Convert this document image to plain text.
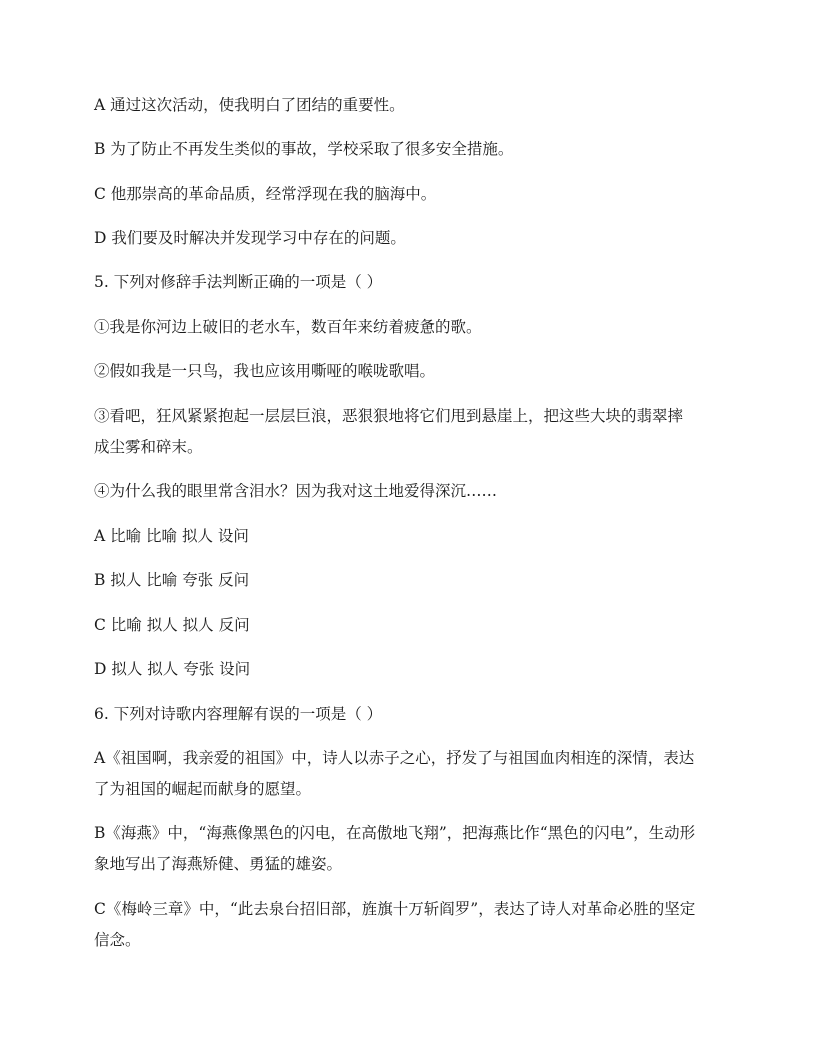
A 通过这次活动，使我明白了团结的重要性。
B 为了防止不再发生类似的事故，学校采取了很多安全措施。
C 他那崇高的革命品质，经常浮现在我的脑海中。
D 我们要及时解决并发现学习中存在的问题。
5. 下列对修辞手法判断正确的一项是（ ）
①我是你河边上破旧的老水车，数百年来纺着疲惫的歌。
②假如我是一只鸟，我也应该用嘶哑的喉咙歌唱。
③看吧，狂风紧紧抱起一层层巨浪，恶狠狠地将它们甩到悬崖上，把这些大块的翡翠摔
成尘雾和碎末。
④为什么我的眼里常含泪水？因为我对这土地爱得深沉……
A 比喻 比喻 拟人 设问
B 拟人 比喻 夸张 反问
C 比喻 拟人 拟人 反问
D 拟人 拟人 夸张 设问
6. 下列对诗歌内容理解有误的一项是（ ）
A《祖国啊，我亲爱的祖国》中，诗人以赤子之心，抒发了与祖国血肉相连的深情，表达
了为祖国的崛起而献身的愿望。
B《海燕》中，“海燕像黑色的闪电，在高傲地飞翔”，把海燕比作“黑色的闪电”，生动形
象地写出了海燕矫健、勇猛的雄姿。
C《梅岭三章》中，“此去泉台招旧部，旌旗十万斩阎罗”，表达了诗人对革命必胜的坚定
信念。
